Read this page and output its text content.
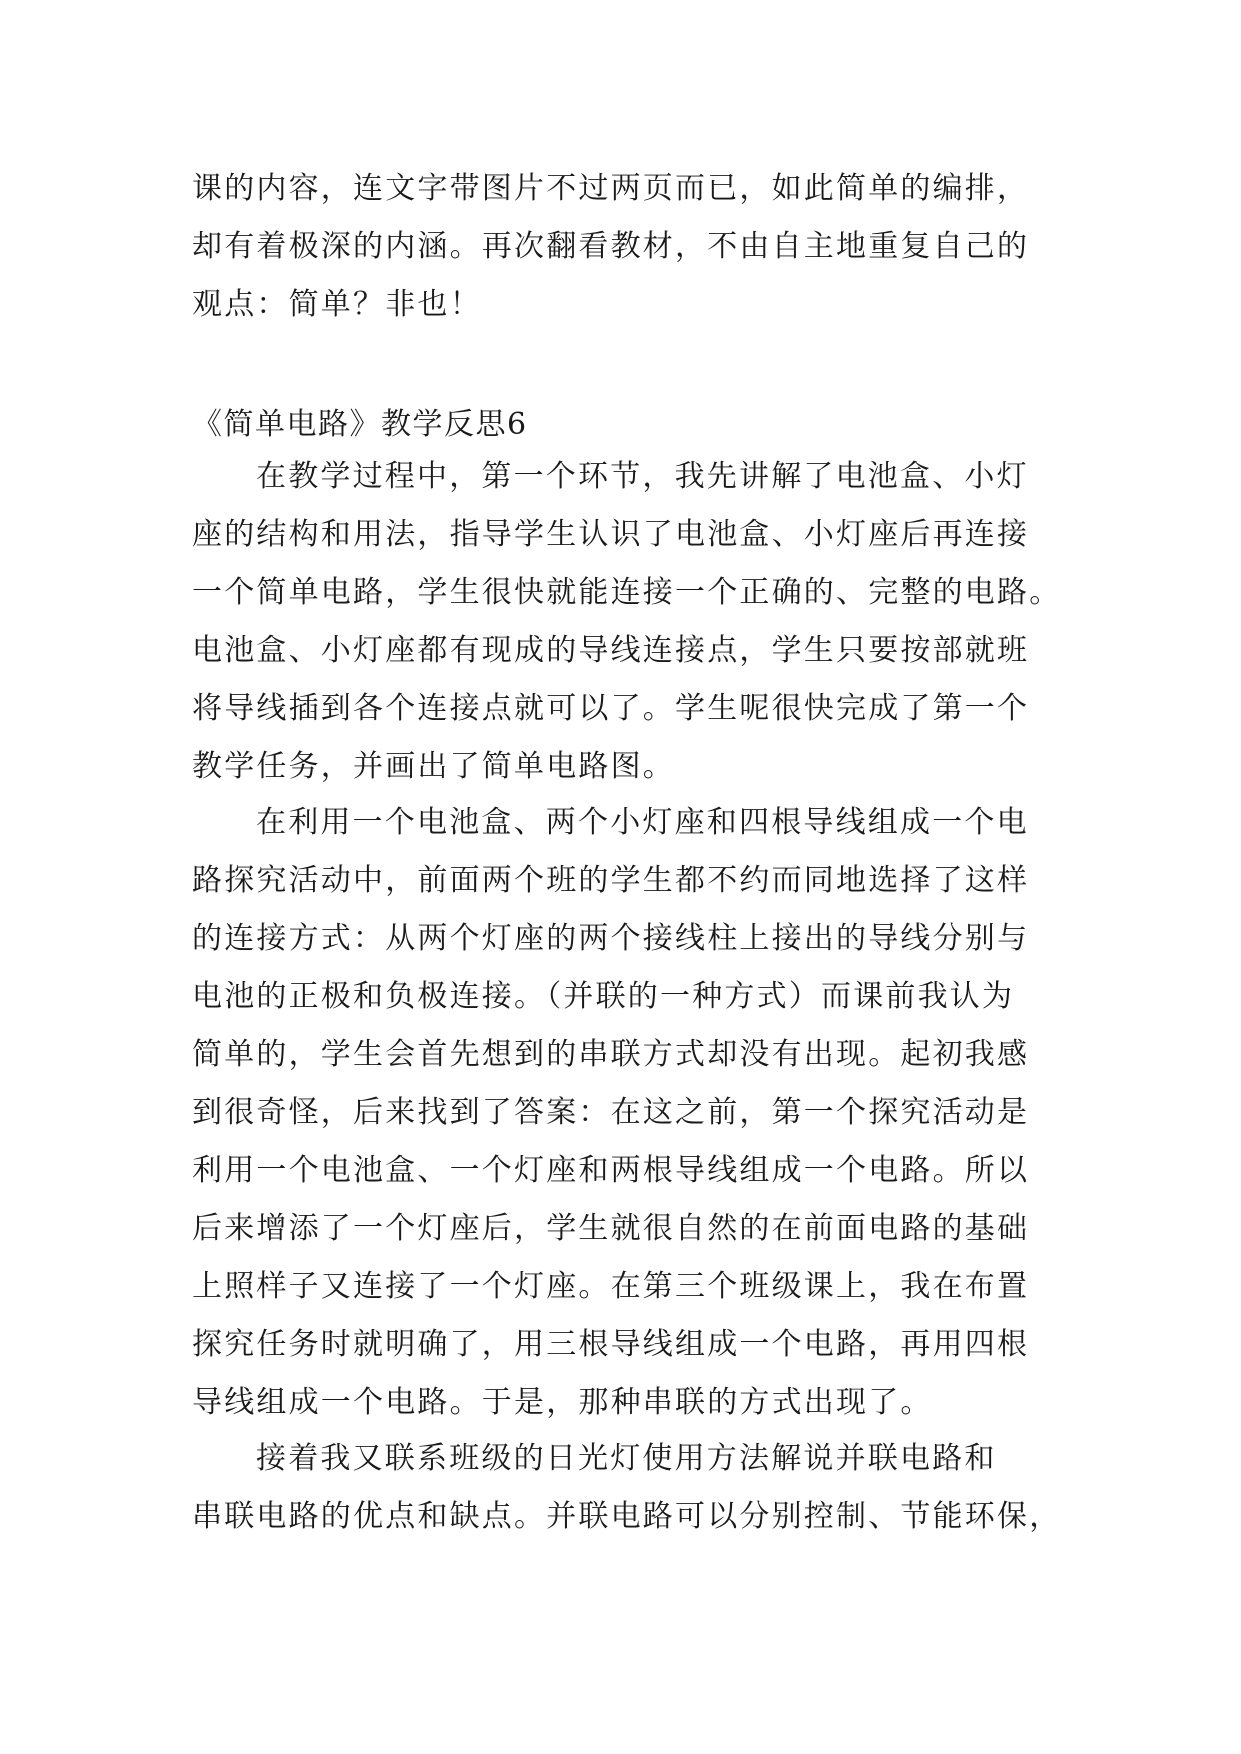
课的内容，连文字带图片不过两页而已，如此简单的编排，
却有着极深的内涵。再次翻看教材，不由自主地重复自己的
观点：简单？非也！
《简单电路》教学反思6
在教学过程中，第一个环节，我先讲解了电池盒、小灯
座的结构和用法，指导学生认识了电池盒、小灯座后再连接
一个简单电路，学生很快就能连接一个正确的、完整的电路。
电池盒、小灯座都有现成的导线连接点，学生只要按部就班
将导线插到各个连接点就可以了。学生呢很快完成了第一个
教学任务，并画出了简单电路图。
在利用一个电池盒、两个小灯座和四根导线组成一个电
路探究活动中，前面两个班的学生都不约而同地选择了这样
的连接方式：从两个灯座的两个接线柱上接出的导线分别与
电池的正极和负极连接。（并联的一种方式）而课前我认为
简单的，学生会首先想到的串联方式却没有出现。起初我感
到很奇怪，后来找到了答案：在这之前，第一个探究活动是
利用一个电池盒、一个灯座和两根导线组成一个电路。所以
后来增添了一个灯座后，学生就很自然的在前面电路的基础
上照样子又连接了一个灯座。在第三个班级课上，我在布置
探究任务时就明确了，用三根导线组成一个电路，再用四根
导线组成一个电路。于是，那种串联的方式出现了。
接着我又联系班级的日光灯使用方法解说并联电路和
串联电路的优点和缺点。并联电路可以分别控制、节能环保，
